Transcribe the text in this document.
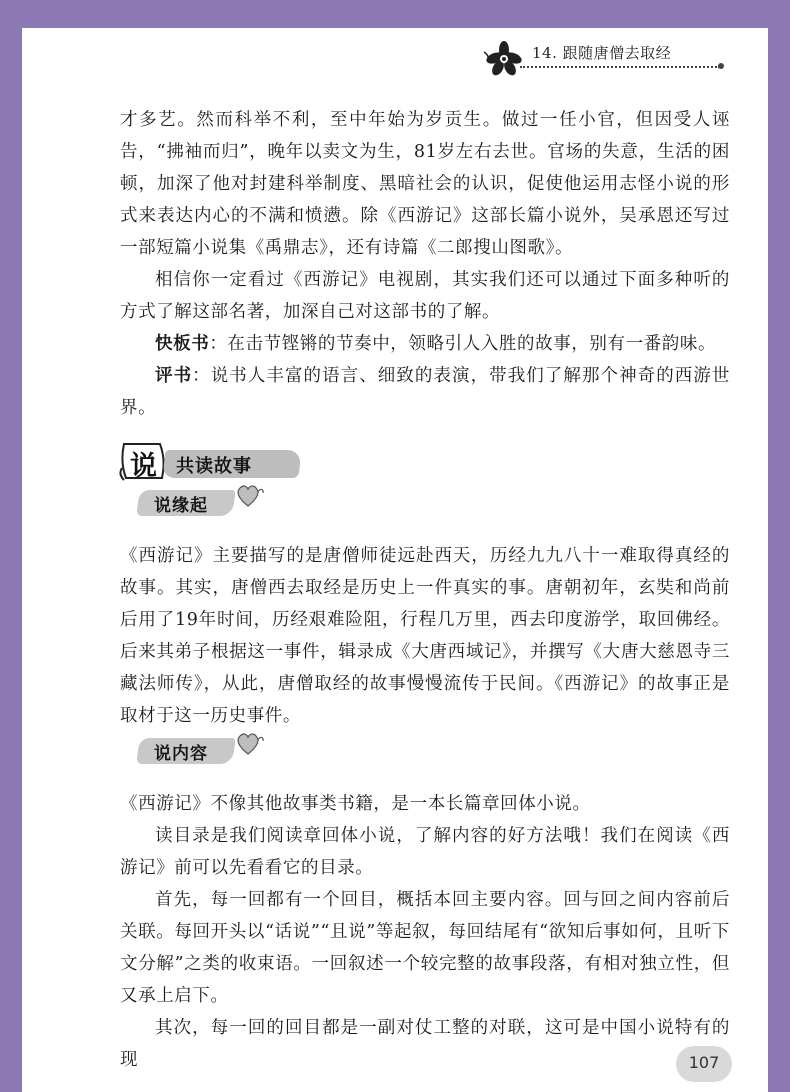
14. 跟随唐僧去取经

才多艺。然而科举不利，至中年始为岁贡生。做过一任小官，但因受人诬告，“拂袖而归”，晚年以卖文为生，81岁左右去世。官场的失意，生活的困顿，加深了他对封建科举制度、黑暗社会的认识，促使他运用志怪小说的形式来表达内心的不满和愤懑。除《西游记》这部长篇小说外，吴承恩还写过一部短篇小说集《禹鼎志》，还有诗篇《二郎搜山图歌》。

相信你一定看过《西游记》电视剧，其实我们还可以通过下面多种听的方式了解这部名著，加深自己对这部书的了解。

快板书：在击节铿锵的节奏中，领略引人入胜的故事，别有一番韵味。

评书：说书人丰富的语言、细致的表演，带我们了解那个神奇的西游世界。

说 共读故事
说缘起

《西游记》主要描写的是唐僧师徒远赴西天，历经九九八十一难取得真经的故事。其实，唐僧西去取经是历史上一件真实的事。唐朝初年，玄奘和尚前后用了19年时间，历经艰难险阻，行程几万里，西去印度游学，取回佛经。后来其弟子根据这一事件，辑录成《大唐西域记》，并撰写《大唐大慈恩寺三藏法师传》，从此，唐僧取经的故事慢慢流传于民间。《西游记》的故事正是取材于这一历史事件。

说内容

《西游记》不像其他故事类书籍，是一本长篇章回体小说。

读目录是我们阅读章回体小说，了解内容的好方法哦！我们在阅读《西游记》前可以先看看它的目录。

首先，每一回都有一个回目，概括本回主要内容。回与回之间内容前后关联。每回开头以“话说”“且说”等起叙，每回结尾有“欲知后事如何，且听下文分解”之类的收束语。一回叙述一个较完整的故事段落，有相对独立性，但又承上启下。

其次，每一回的回目都是一副对仗工整的对联，这可是中国小说特有的现	107
